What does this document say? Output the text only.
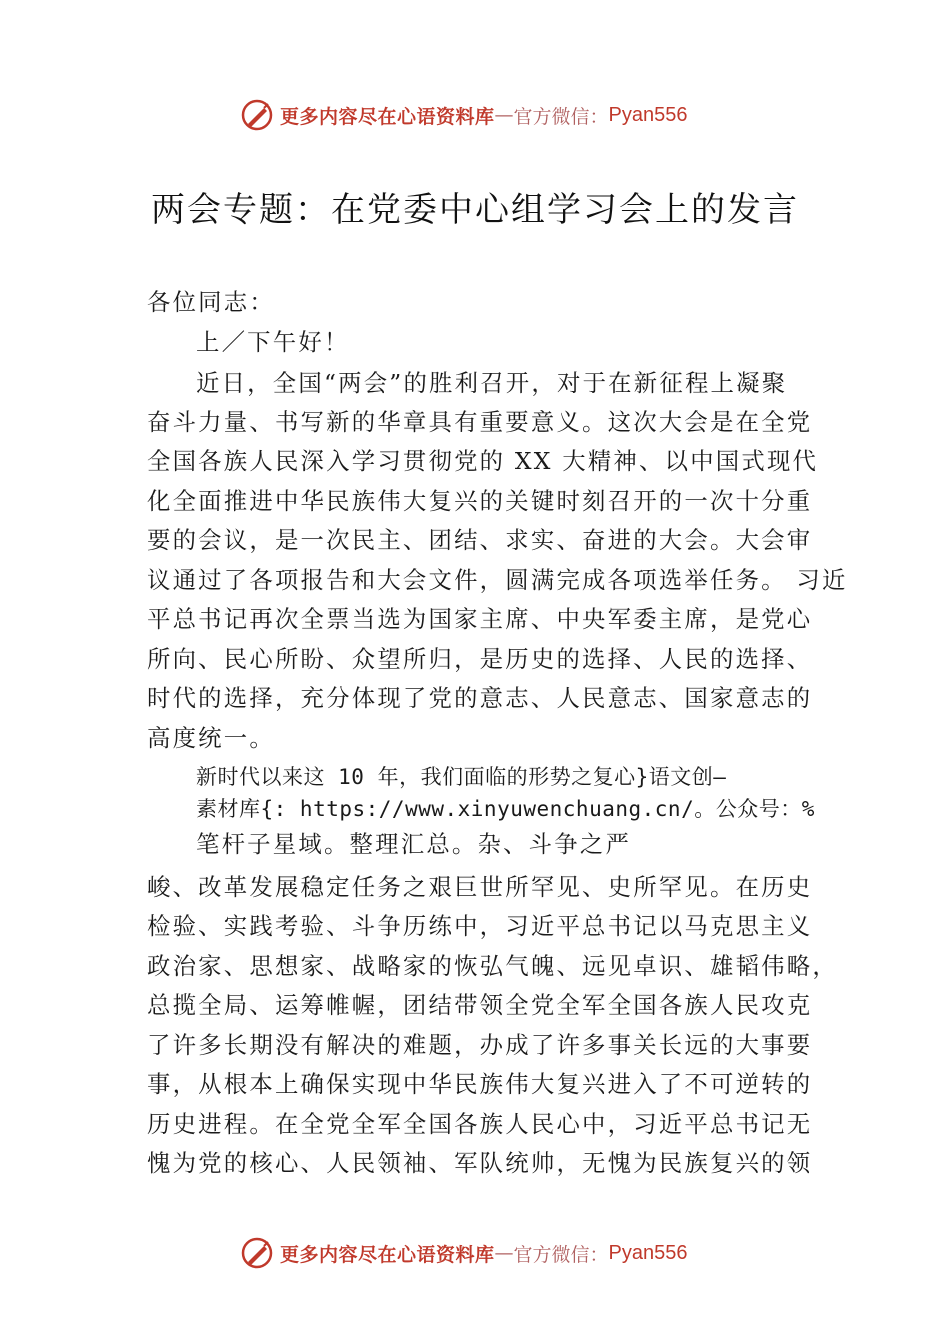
更多内容尽在心语资料库 — 官方微信： Pyan556
两会专题：在党委中心组学习会上的发言
各位同志：
上／下午好！
近日，全国“两会”的胜利召开，对于在新征程上凝聚
奋斗力量、书写新的华章具有重要意义。这次大会是在全党
全国各族人民深入学习贯彻党的 XX 大精神、以中国式现代
化全面推进中华民族伟大复兴的关键时刻召开的一次十分重
要的会议，是一次民主、团结、求实、奋进的大会。大会审
议通过了各项报告和大会文件，圆满完成各项选举任务。 习近
平总书记再次全票当选为国家主席、中央军委主席，是党心
所向、民心所盼、众望所归，是历史的选择、人民的选择、
时代的选择，充分体现了党的意志、人民意志、国家意志的
高度统一。
新时代以来这 10 年，我们面临的形势之复心}语文创—
素材库{: https://www.xinyuwenchuang.cn/。公众号：%
笔杆子星域。整理汇总。杂、斗争之严
峻、改革发展稳定任务之艰巨世所罕见、史所罕见。在历史
检验、实践考验、斗争历练中，习近平总书记以马克思主义
政治家、思想家、战略家的恢弘气魄、远见卓识、雄韬伟略，
总揽全局、运筹帷幄，团结带领全党全军全国各族人民攻克
了许多长期没有解决的难题，办成了许多事关长远的大事要
事，从根本上确保实现中华民族伟大复兴进入了不可逆转的
历史进程。在全党全军全国各族人民心中，习近平总书记无
愧为党的核心、人民领袖、军队统帅，无愧为民族复兴的领
更多内容尽在心语资料库 — 官方微信： Pyan556
